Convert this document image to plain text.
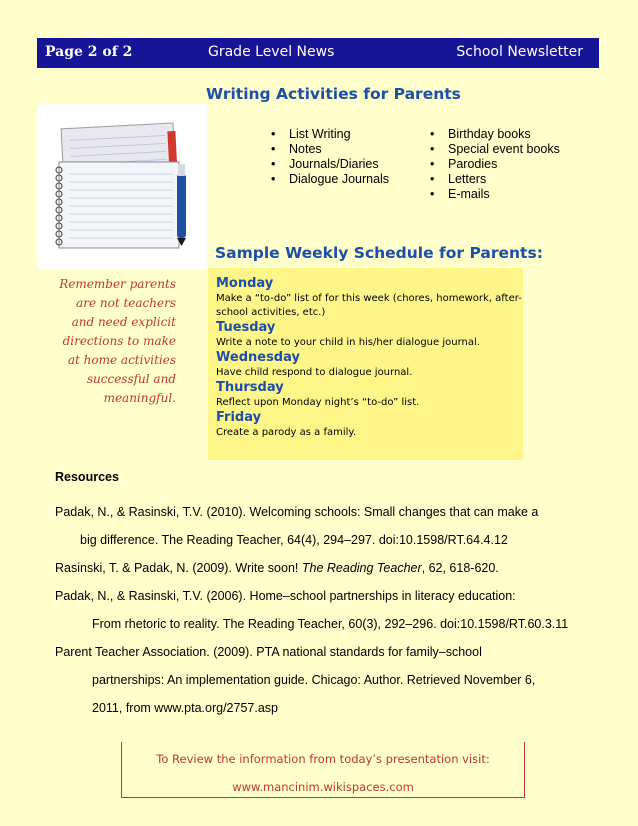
Page 2 of 2	Grade Level News	School Newsletter
Writing Activities for Parents
• List Writing
• Notes
• Journals/Diaries
• Dialogue Journals
• Birthday books
• Special event books
• Parodies
• Letters
• E-mails
Sample Weekly Schedule for Parents:
Remember parents
are not teachers
and need explicit
directions to make
at home activities
successful and
meaningful.
Monday
Make a “to-do” list of for this week (chores, homework, after-school activities, etc.)
Tuesday
Write a note to your child in his/her dialogue journal.
Wednesday
Have child respond to dialogue journal.
Thursday
Reflect upon Monday night’s “to-do” list.
Friday
Create a parody as a family.
Resources
Padak, N., & Rasinski, T.V. (2010). Welcoming schools: Small changes that can make a
big difference. The Reading Teacher, 64(4), 294–297. doi:10.1598/RT.64.4.12
Rasinski, T. & Padak, N. (2009). Write soon! The Reading Teacher, 62, 618-620.
Padak, N., & Rasinski, T.V. (2006). Home–school partnerships in literacy education:
From rhetoric to reality. The Reading Teacher, 60(3), 292–296. doi:10.1598/RT.60.3.11
Parent Teacher Association. (2009). PTA national standards for family–school
partnerships: An implementation guide. Chicago: Author. Retrieved November 6,
2011, from www.pta.org/2757.asp
To Review the information from today’s presentation visit:
www.mancinim.wikispaces.com
